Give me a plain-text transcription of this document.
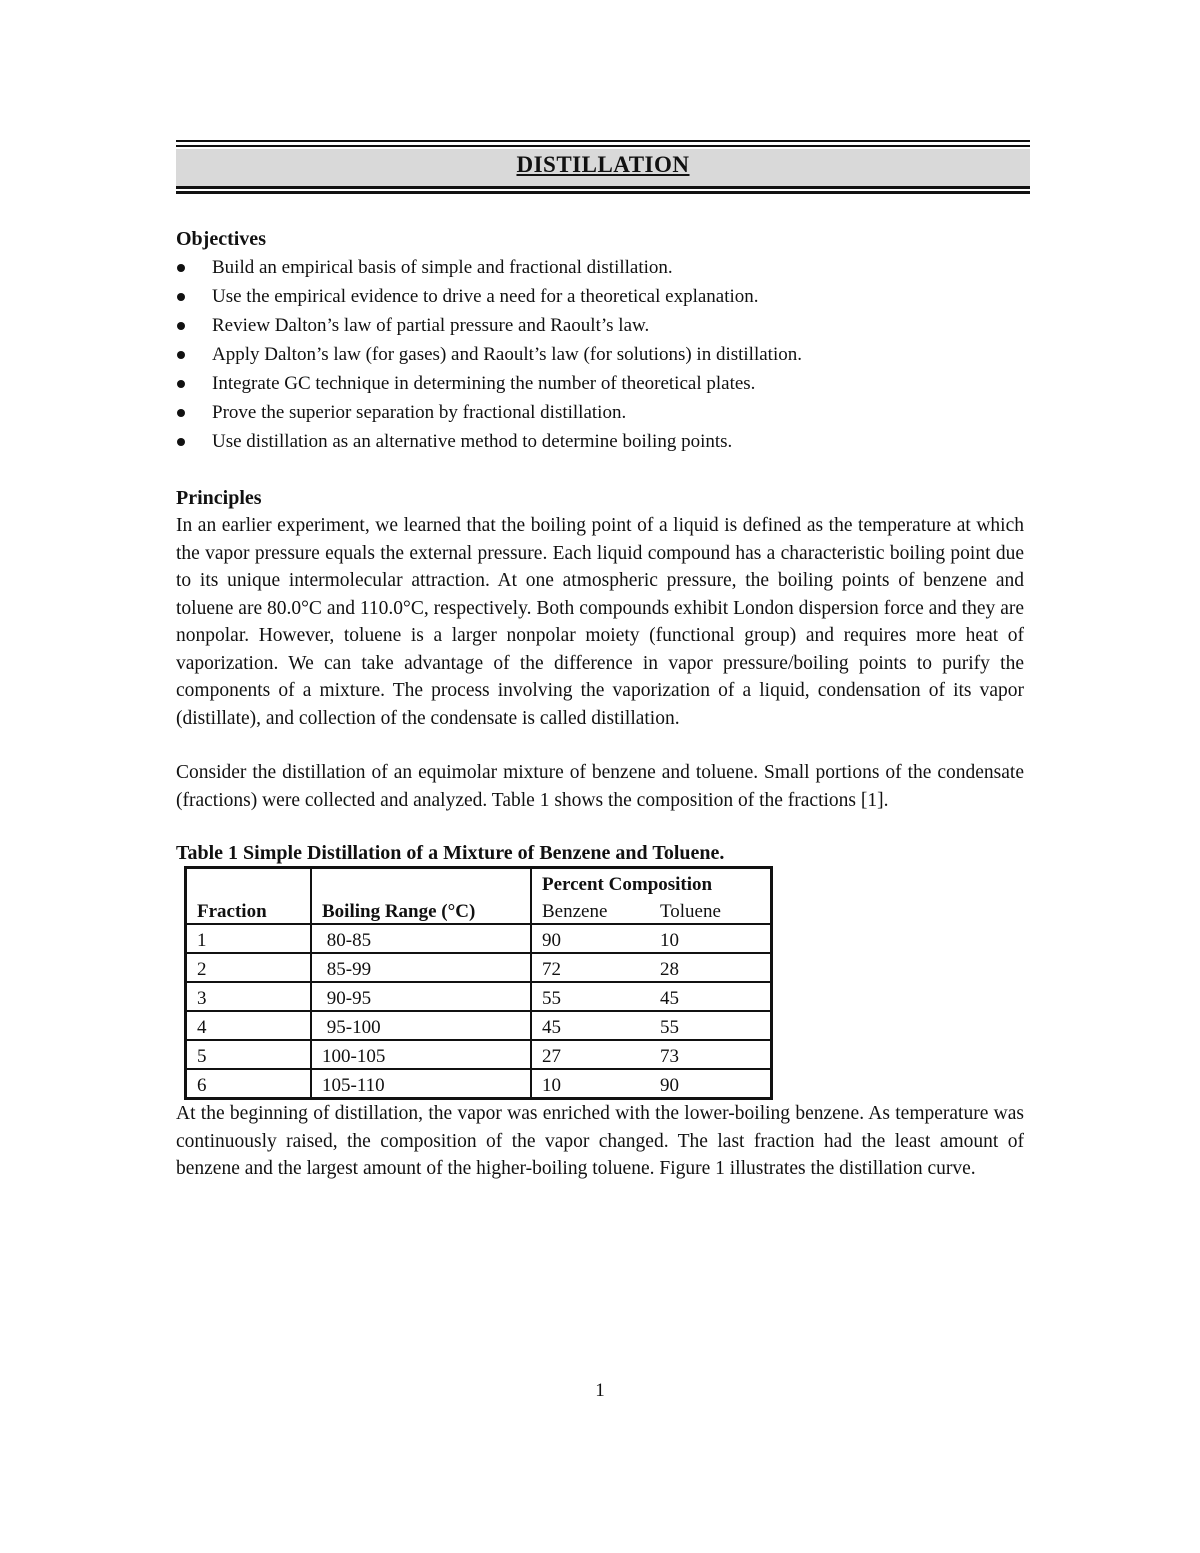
DISTILLATION

Objectives

Build an empirical basis of simple and fractional distillation.
Use the empirical evidence to drive a need for a theoretical explanation.
Review Dalton’s law of partial pressure and Raoult’s law.
Apply Dalton’s law (for gases) and Raoult’s law (for solutions) in distillation.
Integrate GC technique in determining the number of theoretical plates.
Prove the superior separation by fractional distillation.
Use distillation as an alternative method to determine boiling points.

Principles

In an earlier experiment, we learned that the boiling point of a liquid is defined as the temperature at which the vapor pressure equals the external pressure. Each liquid compound has a characteristic boiling point due to its unique intermolecular attraction. At one atmospheric pressure, the boiling points of benzene and toluene are 80.0°C and 110.0°C, respectively. Both compounds exhibit London dispersion force and they are nonpolar. However, toluene is a larger nonpolar moiety (functional group) and requires more heat of vaporization. We can take advantage of the difference in vapor pressure/boiling points to purify the components of a mixture. The process involving the vaporization of a liquid, condensation of its vapor (distillate), and collection of the condensate is called distillation.

Consider the distillation of an equimolar mixture of benzene and toluene. Small portions of the condensate (fractions) were collected and analyzed. Table 1 shows the composition of the fractions [1].

Table 1 Simple Distillation of a Mixture of Benzene and Toluene.

		Percent Composition
Fraction	Boiling Range (°C)	Benzene Toluene
1	80-85	90 10
2	85-99	72 28
3	90-95	55 45
4	95-100	45 55
5	100-105	27 73
6	105-110	10 90

At the beginning of distillation, the vapor was enriched with the lower-boiling benzene. As temperature was continuously raised, the composition of the vapor changed. The last fraction had the least amount of benzene and the largest amount of the higher-boiling toluene. Figure 1 illustrates the distillation curve.

1
